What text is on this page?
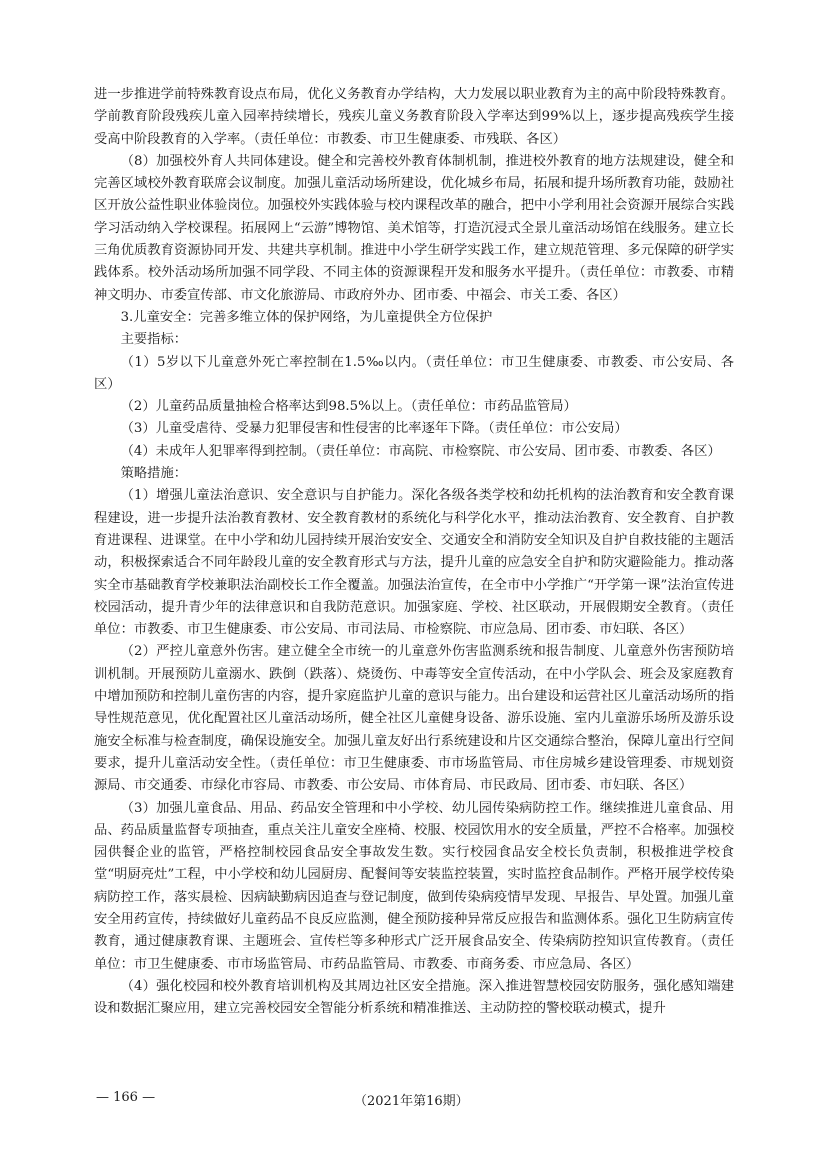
进一步推进学前特殊教育设点布局，优化义务教育办学结构，大力发展以职业教育为主的高中阶段特殊教育。学前教育阶段残疾儿童入园率持续增长，残疾儿童义务教育阶段入学率达到99%以上，逐步提高残疾学生接受高中阶段教育的入学率。（责任单位：市教委、市卫生健康委、市残联、各区）

（8）加强校外育人共同体建设。健全和完善校外教育体制机制，推进校外教育的地方法规建设，健全和完善区域校外教育联席会议制度。加强儿童活动场所建设，优化城乡布局，拓展和提升场所教育功能，鼓励社区开放公益性职业体验岗位。加强校外实践体验与校内课程改革的融合，把中小学利用社会资源开展综合实践学习活动纳入学校课程。拓展网上“云游”博物馆、美术馆等，打造沉浸式全景儿童活动场馆在线服务。建立长三角优质教育资源协同开发、共建共享机制。推进中小学生研学实践工作，建立规范管理、多元保障的研学实践体系。校外活动场所加强不同学段、不同主体的资源课程开发和服务水平提升。（责任单位：市教委、市精神文明办、市委宣传部、市文化旅游局、市政府外办、团市委、中福会、市关工委、各区）

3.儿童安全：完善多维立体的保护网络，为儿童提供全方位保护

主要指标：

（1）5岁以下儿童意外死亡率控制在1.5‰以内。（责任单位：市卫生健康委、市教委、市公安局、各区）

（2）儿童药品质量抽检合格率达到98.5%以上。（责任单位：市药品监管局）

（3）儿童受虐待、受暴力犯罪侵害和性侵害的比率逐年下降。（责任单位：市公安局）

（4）未成年人犯罪率得到控制。（责任单位：市高院、市检察院、市公安局、团市委、市教委、各区）

策略措施：

（1）增强儿童法治意识、安全意识与自护能力。深化各级各类学校和幼托机构的法治教育和安全教育课程建设，进一步提升法治教育教材、安全教育教材的系统化与科学化水平，推动法治教育、安全教育、自护教育进课程、进课堂。在中小学和幼儿园持续开展治安安全、交通安全和消防安全知识及自护自救技能的主题活动，积极探索适合不同年龄段儿童的安全教育形式与方法，提升儿童的应急安全自护和防灾避险能力。推动落实全市基础教育学校兼职法治副校长工作全覆盖。加强法治宣传，在全市中小学推广“开学第一课”法治宣传进校园活动，提升青少年的法律意识和自我防范意识。加强家庭、学校、社区联动，开展假期安全教育。（责任单位：市教委、市卫生健康委、市公安局、市司法局、市检察院、市应急局、团市委、市妇联、各区）

（2）严控儿童意外伤害。建立健全全市统一的儿童意外伤害监测系统和报告制度、儿童意外伤害预防培训机制。开展预防儿童溺水、跌倒（跌落）、烧烫伤、中毒等安全宣传活动，在中小学队会、班会及家庭教育中增加预防和控制儿童伤害的内容，提升家庭监护儿童的意识与能力。出台建设和运营社区儿童活动场所的指导性规范意见，优化配置社区儿童活动场所，健全社区儿童健身设备、游乐设施、室内儿童游乐场所及游乐设施安全标准与检查制度，确保设施安全。加强儿童友好出行系统建设和片区交通综合整治，保障儿童出行空间要求，提升儿童活动安全性。（责任单位：市卫生健康委、市市场监管局、市住房城乡建设管理委、市规划资源局、市交通委、市绿化市容局、市教委、市公安局、市体育局、市民政局、团市委、市妇联、各区）

（3）加强儿童食品、用品、药品安全管理和中小学校、幼儿园传染病防控工作。继续推进儿童食品、用品、药品质量监督专项抽查，重点关注儿童安全座椅、校服、校园饮用水的安全质量，严控不合格率。加强校园供餐企业的监管，严格控制校园食品安全事故发生数。实行校园食品安全校长负责制，积极推进学校食堂“明厨亮灶”工程，中小学校和幼儿园厨房、配餐间等安装监控装置，实时监控食品制作。严格开展学校传染病防控工作，落实晨检、因病缺勤病因追查与登记制度，做到传染病疫情早发现、早报告、早处置。加强儿童安全用药宣传，持续做好儿童药品不良反应监测，健全预防接种异常反应报告和监测体系。强化卫生防病宣传教育，通过健康教育课、主题班会、宣传栏等多种形式广泛开展食品安全、传染病防控知识宣传教育。（责任单位：市卫生健康委、市市场监管局、市药品监管局、市教委、市商务委、市应急局、各区）

（4）强化校园和校外教育培训机构及其周边社区安全措施。深入推进智慧校园安防服务，强化感知端建设和数据汇聚应用，建立完善校园安全智能分析系统和精准推送、主动防控的警校联动模式，提升

— 166 —	（2021年第16期）
